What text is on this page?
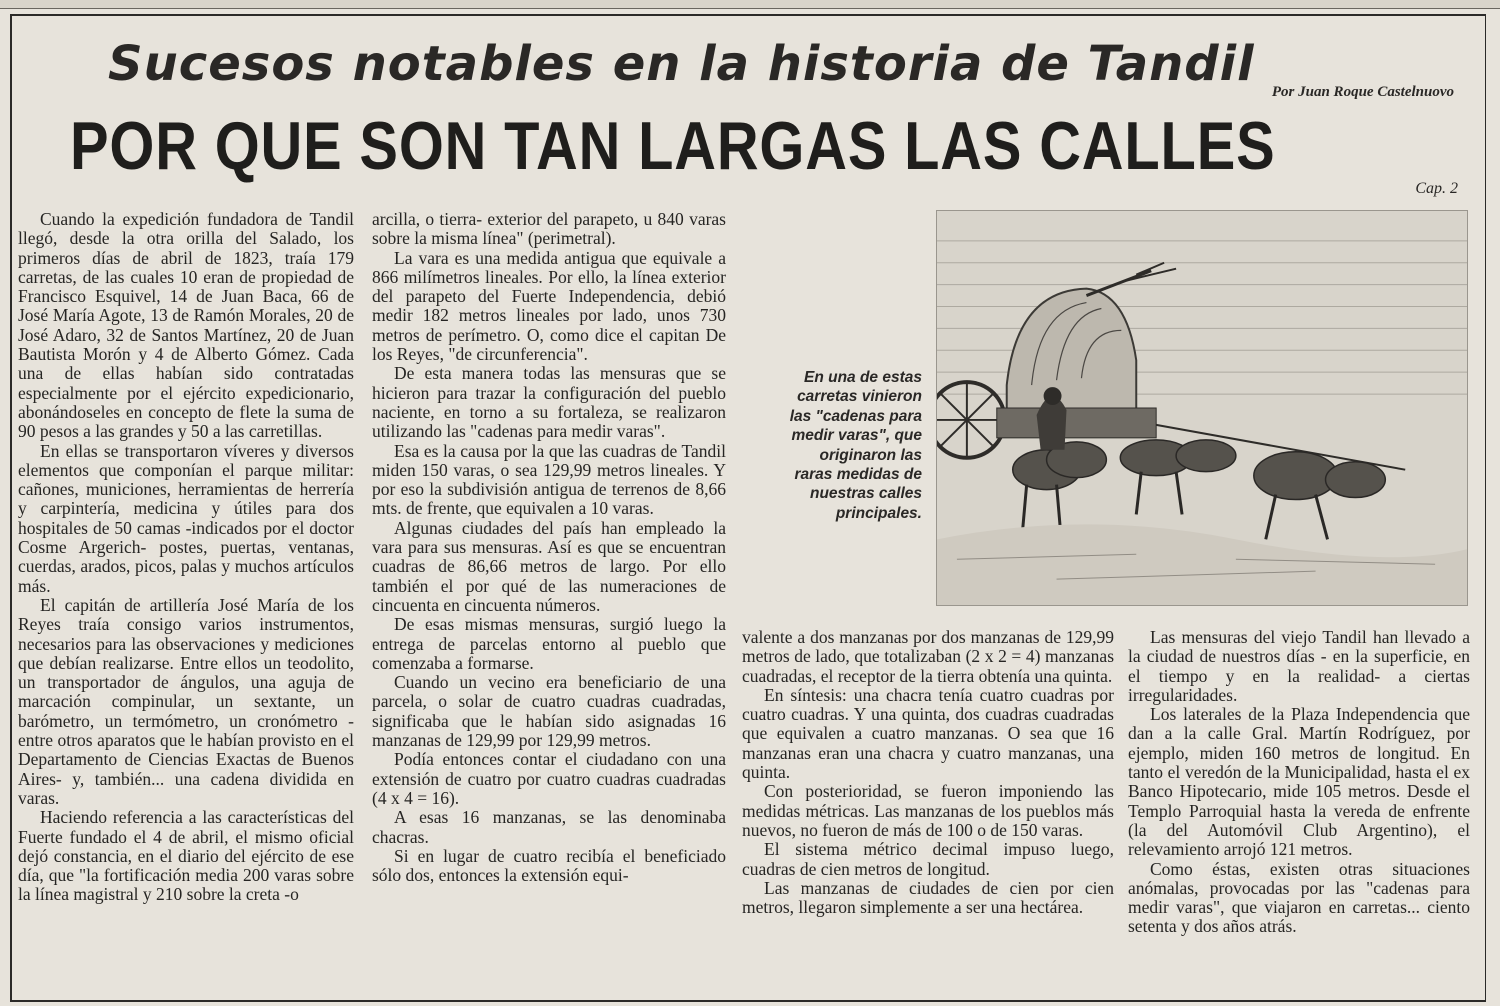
Sucesos notables en la historia de Tandil	Por Juan Roque Castelnuovo
POR QUE SON TAN LARGAS LAS CALLES
Cap. 2

Cuando la expedición fundadora de Tandil llegó, desde la otra orilla del Salado, los primeros días de abril de 1823, traía 179 carretas, de las cuales 10 eran de propiedad de Francisco Esquivel, 14 de Juan Baca, 66 de José María Agote, 13 de Ramón Morales, 20 de José Adaro, 32 de Santos Martínez, 20 de Juan Bautista Morón y 4 de Alberto Gómez. Cada una de ellas habían sido contratadas especialmente por el ejército expedicionario, abonándoseles en concepto de flete la suma de 90 pesos a las grandes y 50 a las carretillas.

En ellas se transportaron víveres y diversos elementos que componían el parque militar: cañones, municiones, herramientas de herrería y carpintería, medicina y útiles para dos hospitales de 50 camas -indicados por el doctor Cosme Argerich- postes, puertas, ventanas, cuerdas, arados, picos, palas y muchos artículos más.

El capitán de artillería José María de los Reyes traía consigo varios instrumentos, necesarios para las observaciones y mediciones que debían realizarse. Entre ellos un teodolito, un transportador de ángulos, una aguja de marcación compinular, un sextante, un barómetro, un termómetro, un cronómetro -entre otros aparatos que le habían provisto en el Departamento de Ciencias Exactas de Buenos Aires- y, también... una cadena dividida en varas.

Haciendo referencia a las características del Fuerte fundado el 4 de abril, el mismo oficial dejó constancia, en el diario del ejército de ese día, que "la fortificación media 200 varas sobre la línea magistral y 210 sobre la creta -o

arcilla, o tierra- exterior del parapeto, u 840 varas sobre la misma línea" (perimetral).

La vara es una medida antigua que equivale a 866 milímetros lineales. Por ello, la línea exterior del parapeto del Fuerte Independencia, debió medir 182 metros lineales por lado, unos 730 metros de perímetro. O, como dice el capitan De los Reyes, "de circunferencia".

De esta manera todas las mensuras que se hicieron para trazar la configuración del pueblo naciente, en torno a su fortaleza, se realizaron utilizando las "cadenas para medir varas".

Esa es la causa por la que las cuadras de Tandil miden 150 varas, o sea 129,99 metros lineales. Y por eso la subdivisión antigua de terrenos de 8,66 mts. de frente, que equivalen a 10 varas.

Algunas ciudades del país han empleado la vara para sus mensuras. Así es que se encuentran cuadras de 86,66 metros de largo. Por ello también el por qué de las numeraciones de cincuenta en cincuenta números.

De esas mismas mensuras, surgió luego la entrega de parcelas entorno al pueblo que comenzaba a formarse.

Cuando un vecino era beneficiario de una parcela, o solar de cuatro cuadras cuadradas, significaba que le habían sido asignadas 16 manzanas de 129,99 por 129,99 metros.

Podía entonces contar el ciudadano con una extensión de cuatro por cuatro cuadras cuadradas (4 x 4 = 16).

A esas 16 manzanas, se las denominaba chacras.

Si en lugar de cuatro recibía el beneficiado sólo dos, entonces la extensión equi-

En una de estas carretas vinieron las "cadenas para medir varas", que originaron las raras medidas de nuestras calles principales.

valente a dos manzanas por dos manzanas de 129,99 metros de lado, que totalizaban (2 x 2 = 4) manzanas cuadradas, el receptor de la tierra obtenía una quinta.

En síntesis: una chacra tenía cuatro cuadras por cuatro cuadras. Y una quinta, dos cuadras cuadradas que equivalen a cuatro manzanas. O sea que 16 manzanas eran una chacra y cuatro manzanas, una quinta.

Con posterioridad, se fueron imponiendo las medidas métricas. Las manzanas de los pueblos más nuevos, no fueron de más de 100 o de 150 varas.

El sistema métrico decimal impuso luego, cuadras de cien metros de longitud.

Las manzanas de ciudades de cien por cien metros, llegaron simplemente a ser una hectárea.

Las mensuras del viejo Tandil han llevado a la ciudad de nuestros días - en la superficie, en el tiempo y en la realidad- a ciertas irregularidades.

Los laterales de la Plaza Independencia que dan a la calle Gral. Martín Rodríguez, por ejemplo, miden 160 metros de longitud. En tanto el veredón de la Municipalidad, hasta el ex Banco Hipotecario, mide 105 metros. Desde el Templo Parroquial hasta la vereda de enfrente (la del Automóvil Club Argentino), el relevamiento arrojó 121 metros.

Como éstas, existen otras situaciones anómalas, provocadas por las "cadenas para medir varas", que viajaron en carretas... ciento setenta y dos años atrás.
